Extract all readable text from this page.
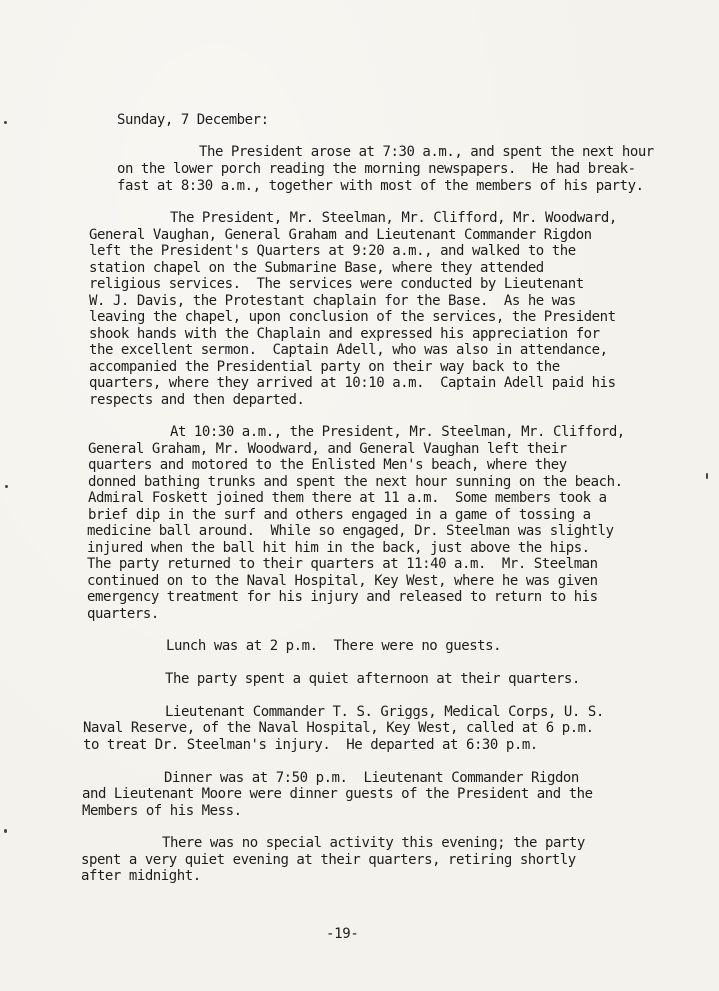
Sunday, 7 December:
The President arose at 7:30 a.m., and spent the next hour
on the lower porch reading the morning newspapers.  He had break-
fast at 8:30 a.m., together with most of the members of his party.
The President, Mr. Steelman, Mr. Clifford, Mr. Woodward,
General Vaughan, General Graham and Lieutenant Commander Rigdon
left the President's Quarters at 9:20 a.m., and walked to the
station chapel on the Submarine Base, where they attended
religious services.  The services were conducted by Lieutenant
W. J. Davis, the Protestant chaplain for the Base.  As he was
leaving the chapel, upon conclusion of the services, the President
shook hands with the Chaplain and expressed his appreciation for
the excellent sermon.  Captain Adell, who was also in attendance,
accompanied the Presidential party on their way back to the
quarters, where they arrived at 10:10 a.m.  Captain Adell paid his
respects and then departed.
At 10:30 a.m., the President, Mr. Steelman, Mr. Clifford,
General Graham, Mr. Woodward, and General Vaughan left their
quarters and motored to the Enlisted Men's beach, where they
donned bathing trunks and spent the next hour sunning on the beach.
Admiral Foskett joined them there at 11 a.m.  Some members took a
brief dip in the surf and others engaged in a game of tossing a
medicine ball around.  While so engaged, Dr. Steelman was slightly
injured when the ball hit him in the back, just above the hips.
The party returned to their quarters at 11:40 a.m.  Mr. Steelman
continued on to the Naval Hospital, Key West, where he was given
emergency treatment for his injury and released to return to his
quarters.
Lunch was at 2 p.m.  There were no guests.
The party spent a quiet afternoon at their quarters.
Lieutenant Commander T. S. Griggs, Medical Corps, U. S.
Naval Reserve, of the Naval Hospital, Key West, called at 6 p.m.
to treat Dr. Steelman's injury.  He departed at 6:30 p.m.
Dinner was at 7:50 p.m.  Lieutenant Commander Rigdon
and Lieutenant Moore were dinner guests of the President and the
Members of his Mess.
There was no special activity this evening; the party
spent a very quiet evening at their quarters, retiring shortly
after midnight.
-19-
